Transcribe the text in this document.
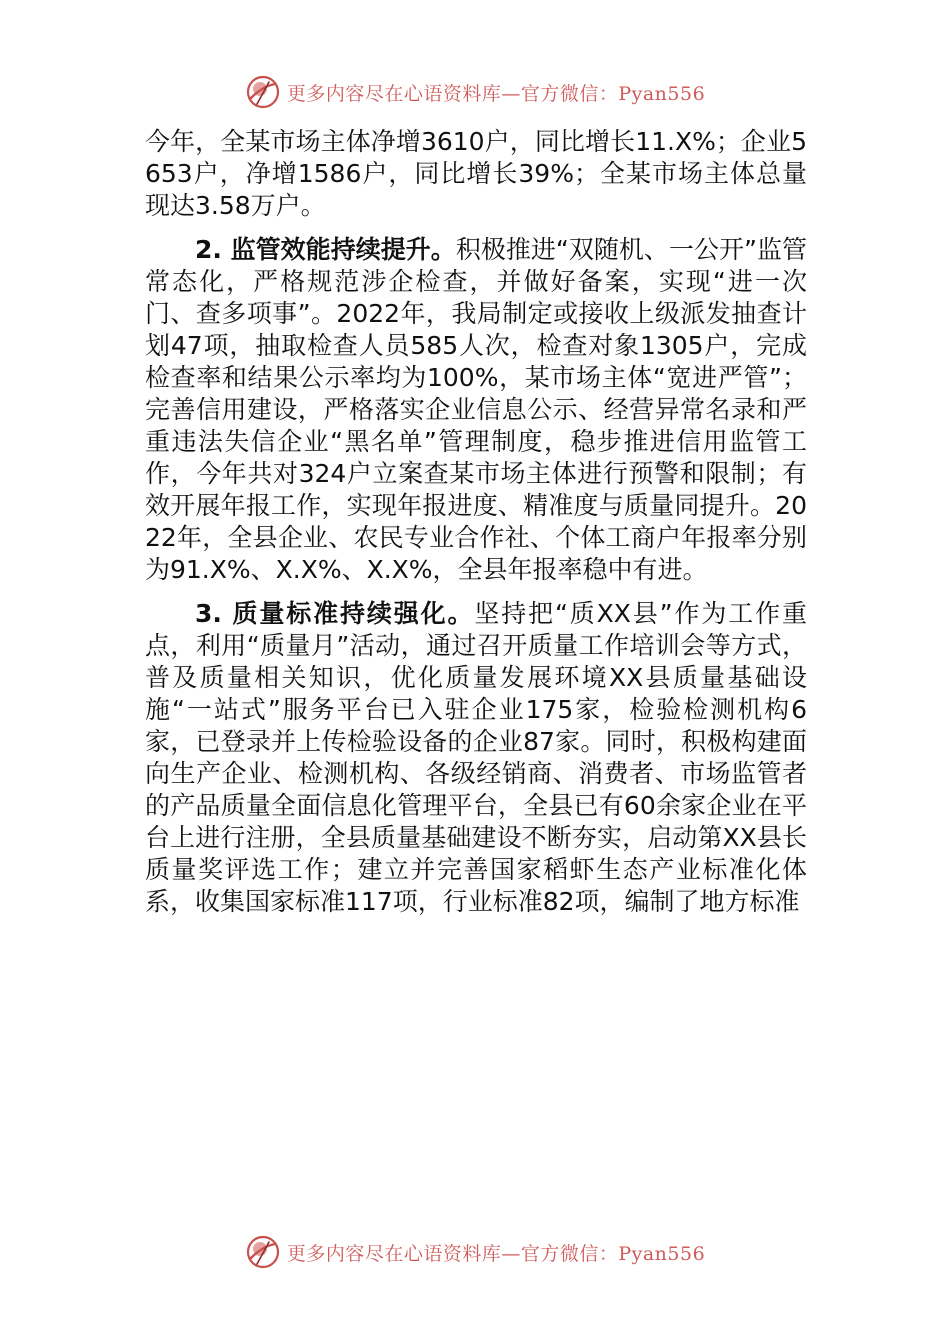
更多内容尽在心语资料库—官方微信：Pyan556

今年，全某市场主体净增3610户，同比增长11.X%；企业5653户，净增1586户，同比增长39%；全某市场主体总量现达3.58万户。

2. 监管效能持续提升。积极推进“双随机、一公开”监管常态化，严格规范涉企检查，并做好备案，实现“进一次门、查多项事”。2022年，我局制定或接收上级派发抽查计划47项，抽取检查人员585人次，检查对象1305户，完成检查率和结果公示率均为100%，某市场主体“宽进严管”；完善信用建设，严格落实企业信息公示、经营异常名录和严重违法失信企业“黑名单”管理制度，稳步推进信用监管工作，今年共对324户立案查某市场主体进行预警和限制；有效开展年报工作，实现年报进度、精准度与质量同提升。2022年，全县企业、农民专业合作社、个体工商户年报率分别为91.X%、X.X%、X.X%，全县年报率稳中有进。

3. 质量标准持续强化。坚持把“质XX县”作为工作重点，利用“质量月”活动，通过召开质量工作培训会等方式，普及质量相关知识，优化质量发展环境XX县质量基础设施“一站式”服务平台已入驻企业175家，检验检测机构6家，已登录并上传检验设备的企业87家。同时，积极构建面向生产企业、检测机构、各级经销商、消费者、市场监管者的产品质量全面信息化管理平台，全县已有60余家企业在平台上进行注册，全县质量基础建设不断夯实，启动第XX县长质量奖评选工作；建立并完善国家稻虾生态产业标准化体系，收集国家标准117项，行业标准82项，编制了地方标准

更多内容尽在心语资料库—官方微信：Pyan556
